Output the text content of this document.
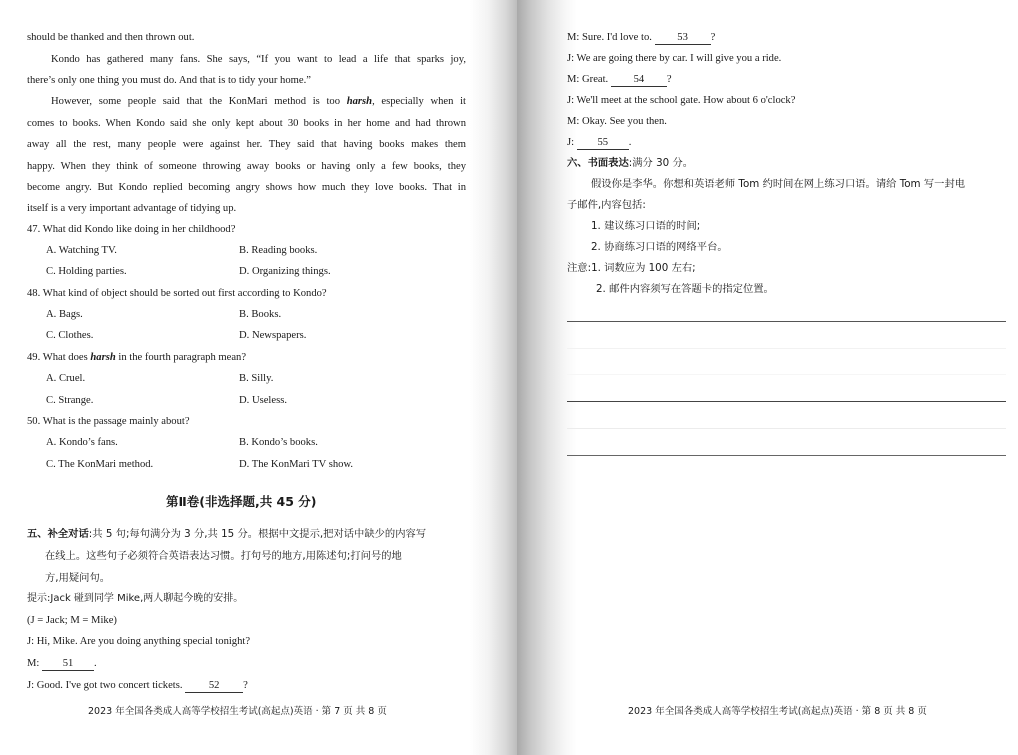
should be thanked and then thrown out.
Kondo has gathered many fans. She says, “If you want to lead a life that sparks joy,
there’s only one thing you must do. And that is to tidy your home.”
However, some people said that the KonMari method is too harsh, especially when it
comes to books. When Kondo said she only kept about 30 books in her home and had thrown
away all the rest, many people were against her. They said that having books makes them
happy. When they think of someone throwing away books or having only a few books, they
become angry. But Kondo replied becoming angry shows how much they love books. That in
itself is a very important advantage of tidying up.
47. What did Kondo like doing in her childhood?
A. Watching TV.	B. Reading books.
C. Holding parties.	D. Organizing things.
48. What kind of object should be sorted out first according to Kondo?
A. Bags.	B. Books.
C. Clothes.	D. Newspapers.
49. What does harsh in the fourth paragraph mean?
A. Cruel.	B. Silly.
C. Strange.	D. Useless.
50. What is the passage mainly about?
A. Kondo’s fans.	B. Kondo’s books.
C. The KonMari method.	D. The KonMari TV show.
第Ⅱ卷(非选择题,共 45 分)
五、补全对话:共 5 句;每句满分为 3 分,共 15 分。根据中文提示,把对话中缺少的内容写
在线上。这些句子必须符合英语表达习惯。打句号的地方,用陈述句;打问号的地
方,用疑问句。
提示:Jack 碰到同学 Mike,两人聊起今晚的安排。
(J = Jack; M = Mike)
J: Hi, Mike. Are you doing anything special tonight?
M: 51 .
J: Good. I've got two concert tickets. 52 ?
2023 年全国各类成人高等学校招生考试(高起点)英语 · 第 7 页 共 8 页
M: Sure. I'd love to. 53 ?
J: We are going there by car. I will give you a ride.
M: Great. 54 ?
J: We'll meet at the school gate. How about 6 o'clock?
M: Okay. See you then.
J: 55 .
六、书面表达:满分 30 分。
假设你是李华。你想和英语老师 Tom 约时间在网上练习口语。请给 Tom 写一封电
子邮件,内容包括:
1. 建议练习口语的时间;
2. 协商练习口语的网络平台。
注意:1. 词数应为 100 左右;
2. 邮件内容须写在答题卡的指定位置。
2023 年全国各类成人高等学校招生考试(高起点)英语 · 第 8 页 共 8 页
